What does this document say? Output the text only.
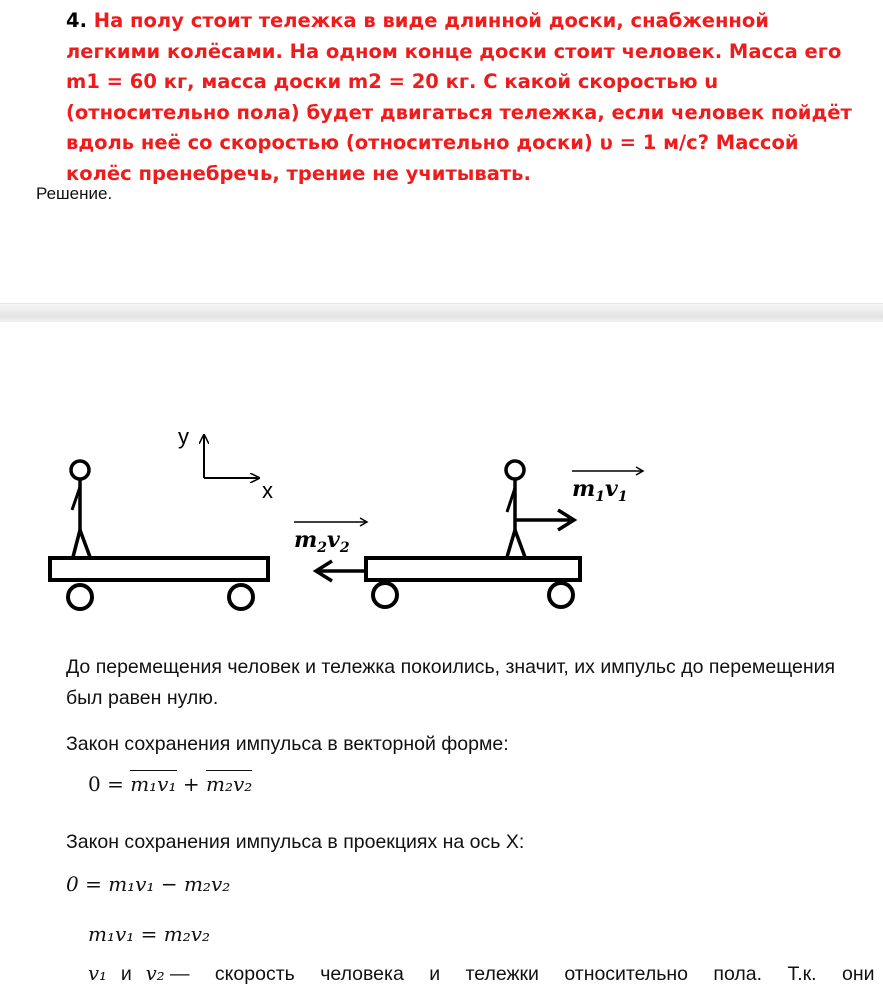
4. На полу стоит тележка в виде длинной доски, снабженной легкими колёсами. На одном конце доски стоит человек. Масса его m1 = 60 кг, масса доски m2 = 20 кг. С какой скоростью u (относительно пола) будет двигаться тележка, если человек пойдёт вдоль неё со скоростью (относительно доски) υ = 1 м/с? Массой колёс пренебречь, трение не учитывать.

Решение.

y
x	$m_1v_1$
$m_2v_2$

До перемещения человек и тележка покоились, значит, их импульс до перемещения был равен нулю.

Закон сохранения импульса в векторной форме:

0 = m₁v₁ + m₂v₂

Закон сохранения импульса в проекциях на ось X:

0 = m₁v₁ − m₂v₂

m₁v₁ = m₂v₂

v₁ и v₂ — скорость человека и тележки относительно пола. Т.к. они
